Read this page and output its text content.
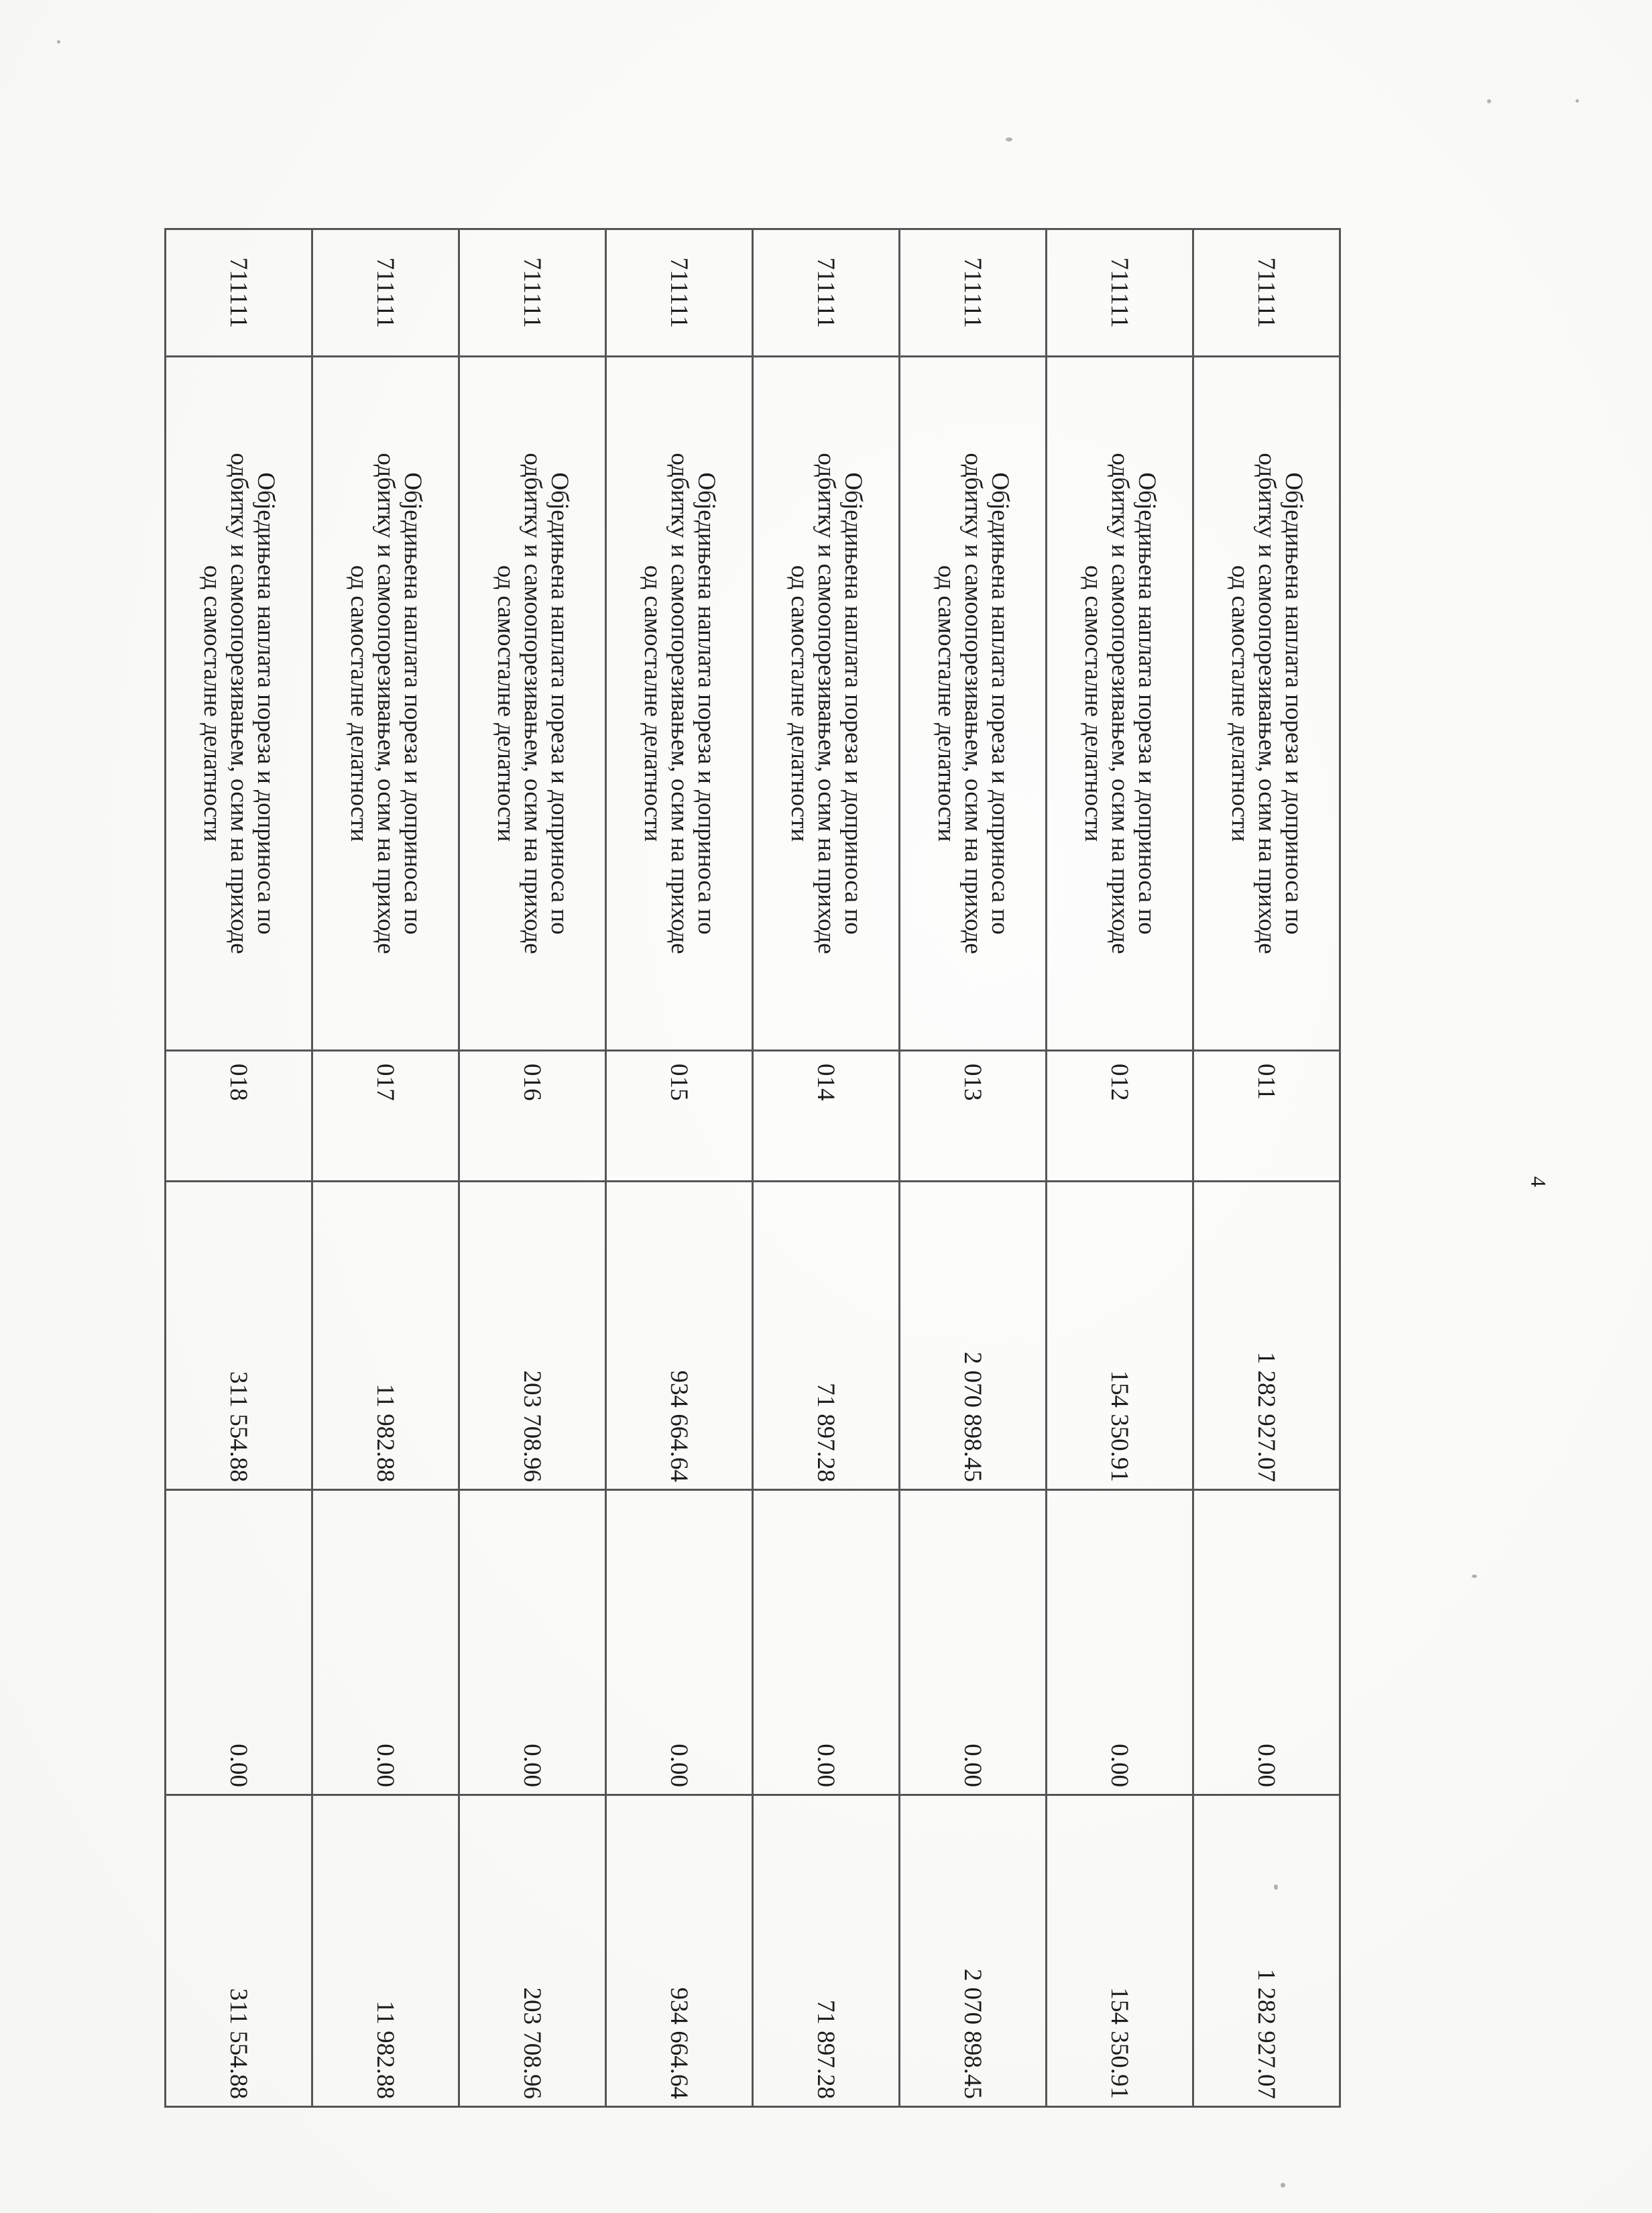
4
711111	Обједињена наплата пореза и доприноса по
одбитку и самоопорезивањем, осим на приходе
од самосталне делатности	011	1 282 927.07	0.00	1 282 927.07
711111	Обједињена наплата пореза и доприноса по
одбитку и самоопорезивањем, осим на приходе
од самосталне делатности	012	154 350.91	0.00	154 350.91
711111	Обједињена наплата пореза и доприноса по
одбитку и самоопорезивањем, осим на приходе
од самосталне делатности	013	2 070 898.45	0.00	2 070 898.45
711111	Обједињена наплата пореза и доприноса по
одбитку и самоопорезивањем, осим на приходе
од самосталне делатности	014	71 897.28	0.00	71 897.28
711111	Обједињена наплата пореза и доприноса по
одбитку и самоопорезивањем, осим на приходе
од самосталне делатности	015	934 664.64	0.00	934 664.64
711111	Обједињена наплата пореза и доприноса по
одбитку и самоопорезивањем, осим на приходе
од самосталне делатности	016	203 708.96	0.00	203 708.96
711111	Обједињена наплата пореза и доприноса по
одбитку и самоопорезивањем, осим на приходе
од самосталне делатности	017	11 982.88	0.00	11 982.88
711111	Обједињена наплата пореза и доприноса по
одбитку и самоопорезивањем, осим на приходе
од самосталне делатности	018	311 554.88	0.00	311 554.88
